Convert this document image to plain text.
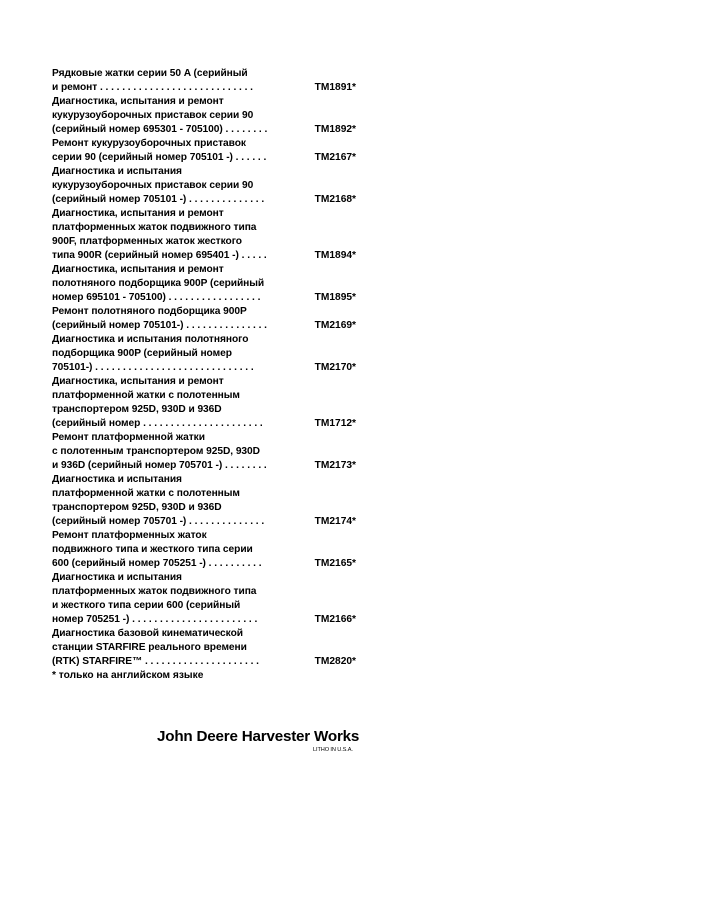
Рядковые жатки серии 50 A (серийный
и ремонт . . . . . . . . . . . . . . . . . . . . . . . . . . . .	TM1891*
Диагностика, испытания и ремонт
кукурузоуборочных приставок серии 90
(серийный номер 695301 - 705100) . . . . . . . .	TM1892*
Ремонт кукурузоуборочных приставок
серии 90 (серийный номер 705101 -) . . . . . .	TM2167*
Диагностика и испытания
кукурузоуборочных приставок серии 90
(серийный номер 705101 -) . . . . . . . . . . . . . .	TM2168*
Диагностика, испытания и ремонт
платформенных жаток подвижного типа
900F, платформенных жаток жесткого
типа 900R (серийный номер 695401 -) . . . . .	TM1894*
Диагностика, испытания и ремонт
полотняного подборщика 900P (серийный
номер 695101 - 705100) . . . . . . . . . . . . . . . . .	TM1895*
Ремонт полотняного подборщика 900P
(серийный номер 705101-) . . . . . . . . . . . . . . .	TM2169*
Диагностика и испытания полотняного
подборщика 900P (серийный номер
705101-) . . . . . . . . . . . . . . . . . . . . . . . . . . . . .	TM2170*
Диагностика, испытания и ремонт
платформенной жатки с полотенным
транспортером 925D, 930D и 936D
(серийный номер . . . . . . . . . . . . . . . . . . . . . .	TM1712*
Ремонт платформенной жатки
с полотенным транспортером 925D, 930D
и 936D (серийный номер 705701 -) . . . . . . . .	TM2173*
Диагностика и испытания
платформенной жатки с полотенным
транспортером 925D, 930D и 936D
(серийный номер 705701 -) . . . . . . . . . . . . . .	TM2174*
Ремонт платформенных жаток
подвижного типа и жесткого типа серии
600 (серийный номер 705251 -) . . . . . . . . . .	TM2165*
Диагностика и испытания
платформенных жаток подвижного типа
и жесткого типа серии 600 (серийный
номер 705251 -) . . . . . . . . . . . . . . . . . . . . . . .	TM2166*
Диагностика базовой кинематической
станции STARFIRE реального времени
(RTK) STARFIRE™ . . . . . . . . . . . . . . . . . . . . .	TM2820*
* только на английском языке
John Deere Harvester Works
LITHO IN U.S.A.
